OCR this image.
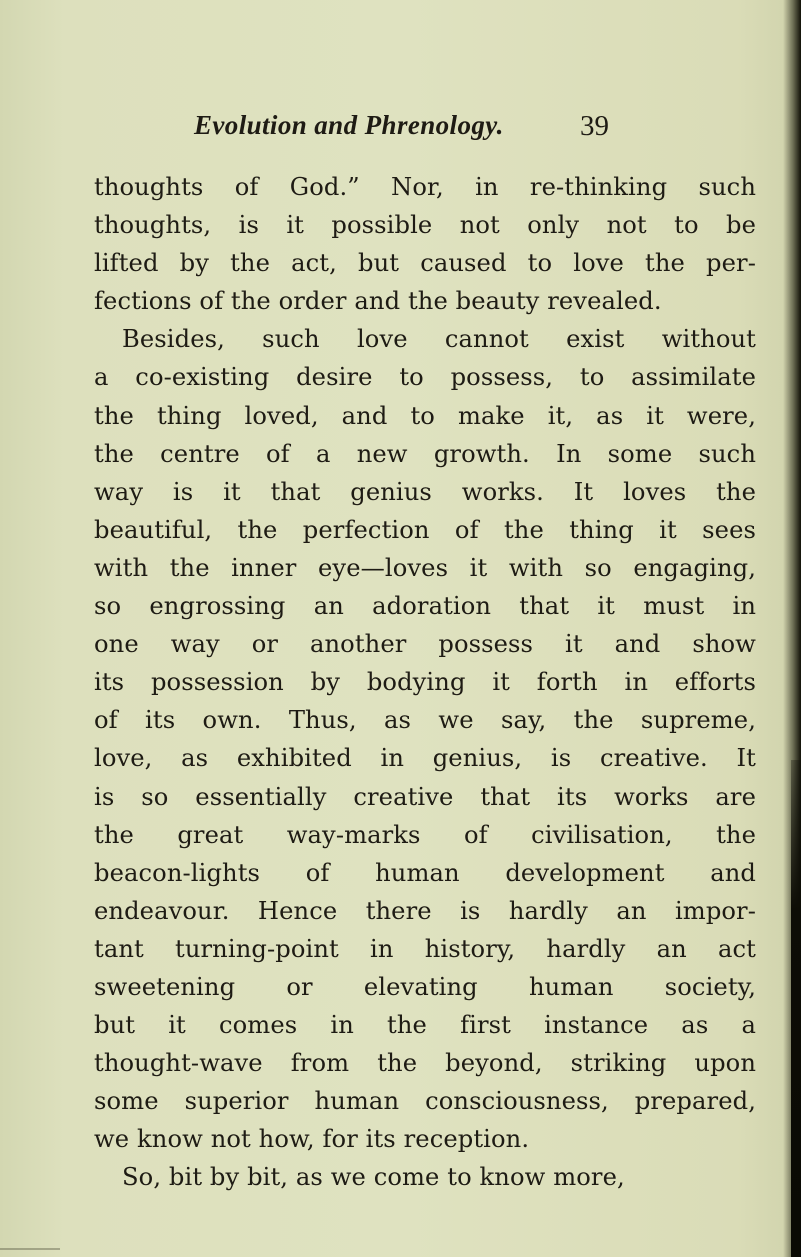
Evolution and Phrenology.	39
thoughts of God.” Nor, in re-thinking such
thoughts, is it possible not only not to be
lifted by the act, but caused to love the per-
fections of the order and the beauty revealed.
Besides, such love cannot exist without
a co-existing desire to possess, to assimilate
the thing loved, and to make it, as it were,
the centre of a new growth. In some such
way is it that genius works. It loves the
beautiful, the perfection of the thing it sees
with the inner eye—loves it with so engaging,
so engrossing an adoration that it must in
one way or another possess it and show
its possession by bodying it forth in efforts
of its own. Thus, as we say, the supreme,
love, as exhibited in genius, is creative. It
is so essentially creative that its works are
the great way-marks of civilisation, the
beacon-lights of human development and
endeavour. Hence there is hardly an impor-
tant turning-point in history, hardly an act
sweetening or elevating human society,
but it comes in the first instance as a
thought-wave from the beyond, striking upon
some superior human consciousness, prepared,
we know not how, for its reception.
So, bit by bit, as we come to know more,
